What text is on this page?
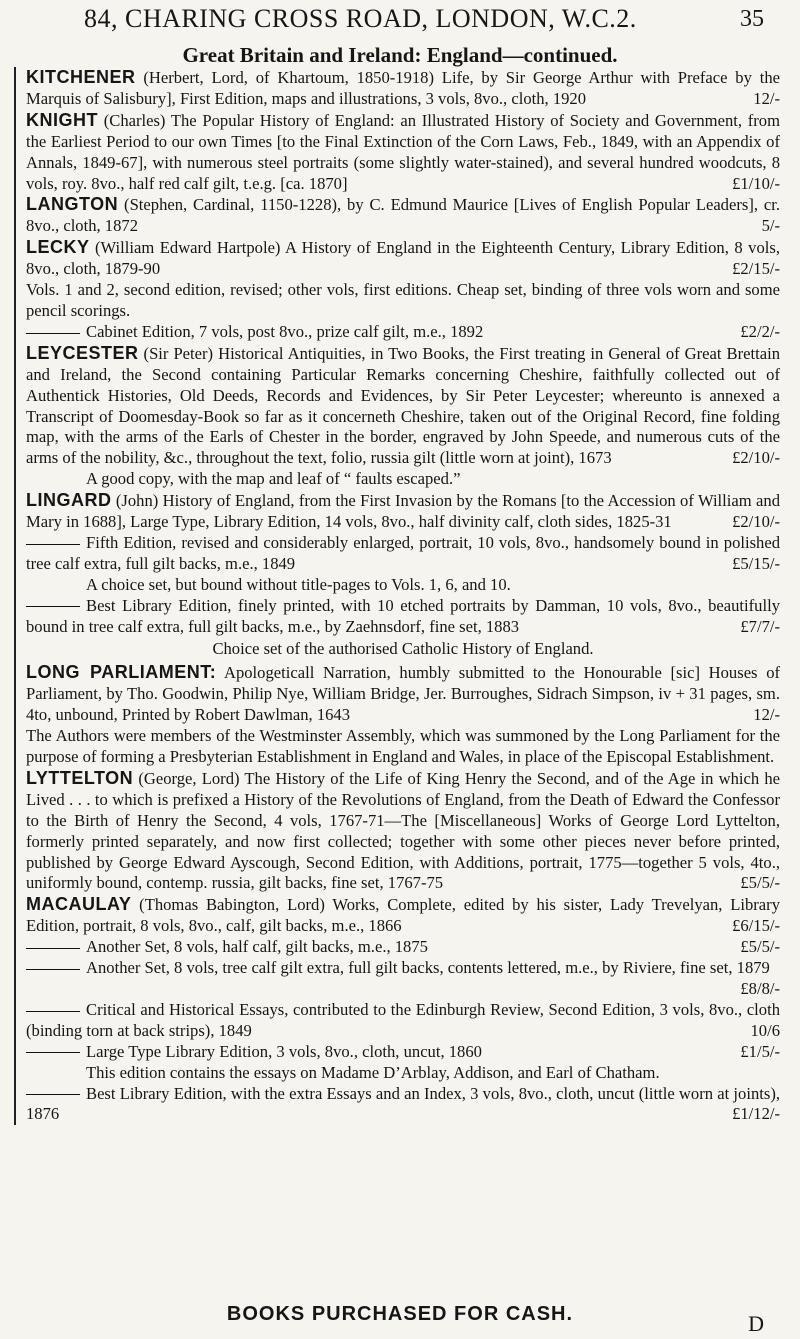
84, CHARING CROSS ROAD, LONDON, W.C.2.	35
Great Britain and Ireland: England—continued.

KITCHENER (Herbert, Lord, of Khartoum, 1850-1918) Life, by Sir George Arthur with Preface by the Marquis of Salisbury], First Edition, maps and illustrations, 3 vols, 8vo., cloth, 1920	12/-

KNIGHT (Charles) The Popular History of England: an Illustrated History of Society and Government, from the Earliest Period to our own Times [to the Final Extinction of the Corn Laws, Feb., 1849, with an Appendix of Annals, 1849-67], with numerous steel portraits (some slightly water-stained), and several hundred woodcuts, 8 vols, roy. 8vo., half red calf gilt, t.e.g. [ca. 1870]	£1/10/-

LANGTON (Stephen, Cardinal, 1150-1228), by C. Edmund Maurice [Lives of English Popular Leaders], cr. 8vo., cloth, 1872	5/-

LECKY (William Edward Hartpole) A History of England in the Eighteenth Century, Library Edition, 8 vols, 8vo., cloth, 1879-90	£2/15/-

Vols. 1 and 2, second edition, revised; other vols, first editions. Cheap set, binding of three vols worn and some pencil scorings.

Cabinet Edition, 7 vols, post 8vo., prize calf gilt, m.e., 1892	£2/2/-

LEYCESTER (Sir Peter) Historical Antiquities, in Two Books, the First treating in General of Great Brettain and Ireland, the Second containing Particular Remarks concerning Cheshire, faithfully collected out of Authentick Histories, Old Deeds, Records and Evidences, by Sir Peter Leycester; whereunto is annexed a Transcript of Doomesday-Book so far as it concerneth Cheshire, taken out of the Original Record, fine folding map, with the arms of the Earls of Chester in the border, engraved by John Speede, and numerous cuts of the arms of the nobility, &c., throughout the text, folio, russia gilt (little worn at joint), 1673	£2/10/-

A good copy, with the map and leaf of “ faults escaped.”

LINGARD (John) History of England, from the First Invasion by the Romans [to the Accession of William and Mary in 1688], Large Type, Library Edition, 14 vols, 8vo., half divinity calf, cloth sides, 1825-31	£2/10/-

Fifth Edition, revised and considerably enlarged, portrait, 10 vols, 8vo., handsomely bound in polished tree calf extra, full gilt backs, m.e., 1849	£5/15/-

A choice set, but bound without title-pages to Vols. 1, 6, and 10.

Best Library Edition, finely printed, with 10 etched portraits by Damman, 10 vols, 8vo., beautifully bound in tree calf extra, full gilt backs, m.e., by Zaehnsdorf, fine set, 1883	£7/7/-

Choice set of the authorised Catholic History of England.

LONG PARLIAMENT: Apologeticall Narration, humbly submitted to the Honourable [sic] Houses of Parliament, by Tho. Goodwin, Philip Nye, William Bridge, Jer. Burroughes, Sidrach Simpson, iv + 31 pages, sm. 4to, unbound, Printed by Robert Dawlman, 1643	12/-

The Authors were members of the Westminster Assembly, which was summoned by the Long Parliament for the purpose of forming a Presbyterian Establishment in England and Wales, in place of the Episcopal Establishment.

LYTTELTON (George, Lord) The History of the Life of King Henry the Second, and of the Age in which he Lived . . . to which is prefixed a History of the Revolutions of England, from the Death of Edward the Confessor to the Birth of Henry the Second, 4 vols, 1767-71—The [Miscellaneous] Works of George Lord Lyttelton, formerly printed separately, and now first collected; together with some other pieces never before printed, published by George Edward Ayscough, Second Edition, with Additions, portrait, 1775—together 5 vols, 4to., uniformly bound, contemp. russia, gilt backs, fine set, 1767-75	£5/5/-

MACAULAY (Thomas Babington, Lord) Works, Complete, edited by his sister, Lady Trevelyan, Library Edition, portrait, 8 vols, 8vo., calf, gilt backs, m.e., 1866	£6/15/-

Another Set, 8 vols, half calf, gilt backs, m.e., 1875	£5/5/-

Another Set, 8 vols, tree calf gilt extra, full gilt backs, contents lettered, m.e., by Riviere, fine set, 1879
£8/8/-

Critical and Historical Essays, contributed to the Edinburgh Review, Second Edition, 3 vols, 8vo., cloth (binding torn at back strips), 1849	10/6

Large Type Library Edition, 3 vols, 8vo., cloth, uncut, 1860	£1/5/-

This edition contains the essays on Madame D’Arblay, Addison, and Earl of Chatham.

Best Library Edition, with the extra Essays and an Index, 3 vols, 8vo., cloth, uncut (little worn at joints), 1876	£1/12/-

BOOKS PURCHASED FOR CASH.	D
